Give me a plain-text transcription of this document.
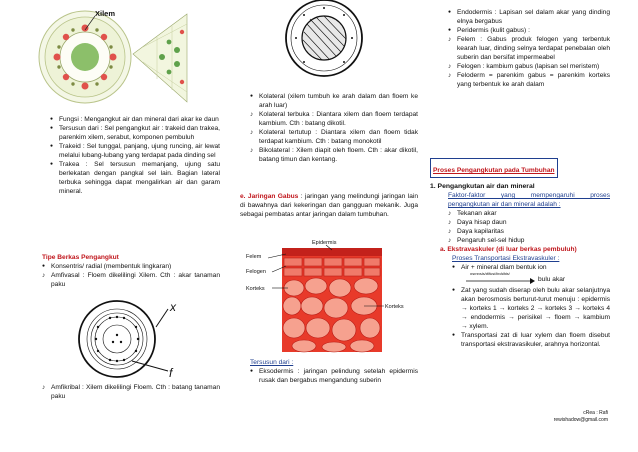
Xilem
● Fungsi : Mengangkut air dan mineral dari akar ke daun
● Tersusun dari : Sel pengangkut air : trakeid dan trakea, parenkim xilem, serabut, komponen pembuluh
● Trakeid : Sel tunggal, panjang, ujung runcing, air lewat melalui lubang-lubang yang terdapat pada dinding sel
● Trakea : Sel tersusun memanjang, ujung satu berlekatan dengan pangkal sel lain. Bagian lateral terbuka sehingga dapat mengalirkan air dan garam mineral.
Tipe Berkas Pengangkut
● Konsentris/ radial (membentuk lingkaran)
♪ Amfivasal : Floem dikelilingi Xilem. Cth : akar tanaman paku
x
f
♪ Amfikribal : Xilem dikelilingi Floem. Cth : batang tanaman paku
● Kolateral (xilem tumbuh ke arah dalam dan floem ke arah luar)
♪ Kolateral terbuka : Diantara xilem dan floem terdapat kambium. Cth : batang dikotil.
♪ Kolateral tertutup : Diantara xilem dan floem tidak terdapat kambium. Cth : batang monokotil
♪ Bikolateral : Xilem diapit oleh floem. Cth : akar dikotil, batang timun dan kentang.
e. Jaringan Gabus : jaringan yang melindungi jaringan lain di bawahnya dari kekeringan dan gangguan mekanik. Juga sebagai pembatas antar jaringan dalam tumbuhan.
Epidermis
Felem
Felogen
Korteks
Korteks
Tersusun dari :
● Eksodermis : jaringan pelindung setelah epidermis rusak dan bergabus mengandung suberin
● Endodermis : Lapisan sel dalam akar yang dinding elnya bergabus
● Peridermis (kulit gabus) :
♪ Felem : Gabus produk felogen yang terbentuk kearah luar, dinding selnya terdapat penebalan oleh suberin dan bersifat impermeabel
♪ Felogen : kambium gabus (lapisan sel meristem)
♪ Feloderm = parenkim gabus = parenkim korteks yang terbentuk ke arah dalam
Proses Pengangkutan pada Tumbuhan
1. Pengangkutan air dan mineral
Faktor-faktor yang mempengaruhi proses pengangkutan air dan mineral adalah :
♪ Tekanan akar
♪ Daya hisap daun
♪ Daya kapilaritas
♪ Pengaruh sel-sel hidup
a. Ekstravaskuler (di luar berkas pembuluh)
Proses Transportasi Ekstravaskuler :
● Air + mineral dlam bentuk ion
osmosis/difusi/imbibisi
bulu akar
● Zat yang sudah diserap oleh bulu akar selanjutnya akan berosmosis berturut-turut menuju : epidermis → korteks 1 → korteks 2 → korteks 3 → korteks 4 → endodermis → perisikel → floem → kambium → xylem.
● Transportasi zat di luar xylem dan floem disebut transportasi ekstravasikuler, arahnya horizontal.
cRea : Rafi
rewishadow@gmail.com
